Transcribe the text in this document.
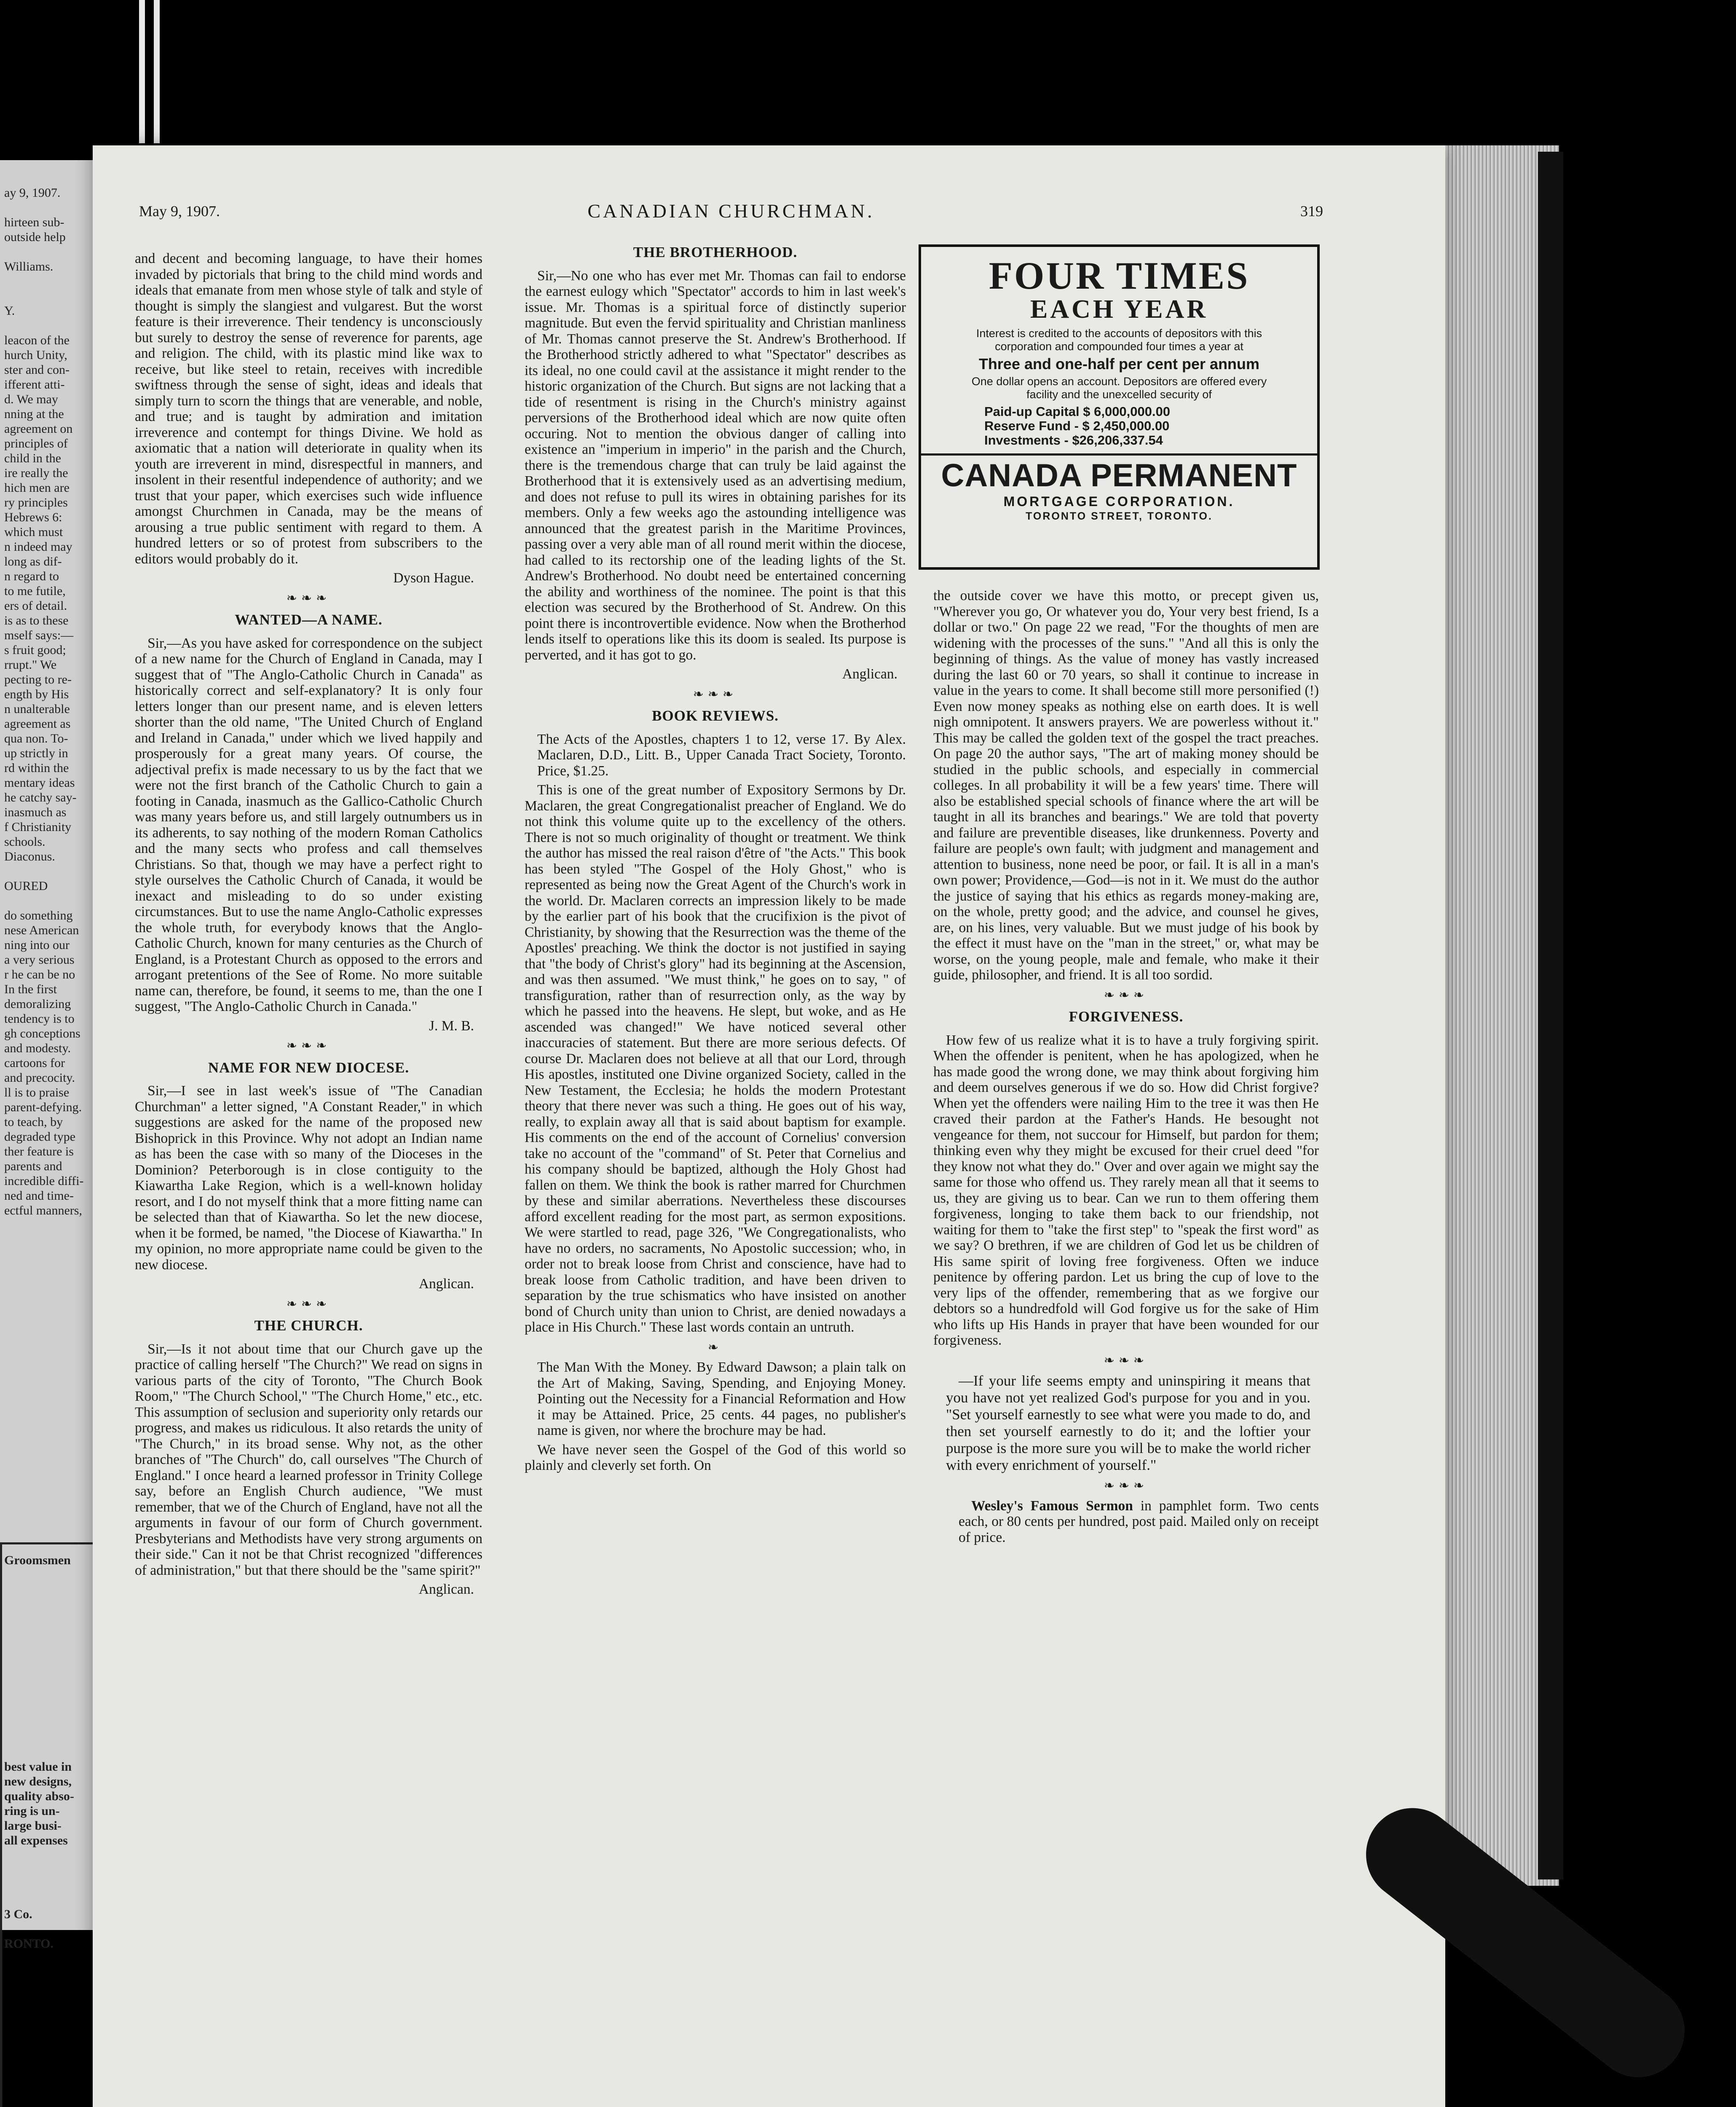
ay 9, 1907.

hirteen sub-
outside help

Williams.

Y.

leacon of the
hurch Unity,
ster and con-
ifferent atti-
d. We may
nning at the
agreement on
principles of
child in the
ire really the
hich men are
ry principles
Hebrews 6:
which must
n indeed may
long as dif-
n regard to
to me futile,
ers of detail.
is as to these
mself says:—
s fruit good;
rrupt." We
pecting to re-
ength by His
n unalterable
agreement as
qua non. To-
up strictly in
rd within the
mentary ideas
he catchy say-
inasmuch as
f Christianity
schools.
Diaconus.

OURED

do something
nese American
ning into our
a very serious
r he can be no
In the first
demoralizing
tendency is to
gh conceptions
and modesty.
cartoons for
and precocity.
ll is to praise
parent-defying.
to teach, by
degraded type
ther feature is
parents and
incredible diffi-
ned and time-
ectful manners,
Groomsmen

best value in
new designs,
quality abso-
ring is un-
large busi-
all expenses

3 Co.

RONTO.
May 9, 1907.	CANADIAN CHURCHMAN.	319

and decent and becoming language, to have their homes invaded by pictorials that bring to the child mind words and ideals that emanate from men whose style of talk and style of thought is simply the slangiest and vulgarest. But the worst feature is their irreverence. Their tendency is unconsciously but surely to destroy the sense of reverence for parents, age and religion. The child, with its plastic mind like wax to receive, but like steel to retain, receives with incredible swiftness through the sense of sight, ideas and ideals that simply turn to scorn the things that are venerable, and noble, and true; and is taught by admiration and imitation irreverence and contempt for things Divine. We hold as axiomatic that a nation will deteriorate in quality when its youth are irreverent in mind, disrespectful in manners, and insolent in their resentful independence of authority; and we trust that your paper, which exercises such wide influence amongst Churchmen in Canada, may be the means of arousing a true public sentiment with regard to them. A hundred letters or so of protest from subscribers to the editors would probably do it.

Dyson Hague.
❧❧❧
WANTED—A NAME.

Sir,—As you have asked for correspondence on the subject of a new name for the Church of England in Canada, may I suggest that of "The Anglo-Catholic Church in Canada" as historically correct and self-explanatory? It is only four letters longer than our present name, and is eleven letters shorter than the old name, "The United Church of England and Ireland in Canada," under which we lived happily and prosperously for a great many years. Of course, the adjectival prefix is made necessary to us by the fact that we were not the first branch of the Catholic Church to gain a footing in Canada, inasmuch as the Gallico-Catholic Church was many years before us, and still largely outnumbers us in its adherents, to say nothing of the modern Roman Catholics and the many sects who profess and call themselves Christians. So that, though we may have a perfect right to style ourselves the Catholic Church of Canada, it would be inexact and misleading to do so under existing circumstances. But to use the name Anglo-Catholic expresses the whole truth, for everybody knows that the Anglo-Catholic Church, known for many centuries as the Church of England, is a Protestant Church as opposed to the errors and arrogant pretentions of the See of Rome. No more suitable name can, therefore, be found, it seems to me, than the one I suggest, "The Anglo-Catholic Church in Canada."

J. M. B.
❧❧❧
NAME FOR NEW DIOCESE.

Sir,—I see in last week's issue of "The Canadian Churchman" a letter signed, "A Constant Reader," in which suggestions are asked for the name of the proposed new Bishoprick in this Province. Why not adopt an Indian name as has been the case with so many of the Dioceses in the Dominion? Peterborough is in close contiguity to the Kiawartha Lake Region, which is a well-known holiday resort, and I do not myself think that a more fitting name can be selected than that of Kiawartha. So let the new diocese, when it be formed, be named, "the Diocese of Kiawartha." In my opinion, no more appropriate name could be given to the new diocese.

Anglican.
❧❧❧
THE CHURCH.

Sir,—Is it not about time that our Church gave up the practice of calling herself "The Church?" We read on signs in various parts of the city of Toronto, "The Church Book Room," "The Church School," "The Church Home," etc., etc. This assumption of seclusion and superiority only retards our progress, and makes us ridiculous. It also retards the unity of "The Church," in its broad sense. Why not, as the other branches of "The Church" do, call ourselves "The Church of England." I once heard a learned professor in Trinity College say, before an English Church audience, "We must remember, that we of the Church of England, have not all the arguments in favour of our form of Church government. Presbyterians and Methodists have very strong arguments on their side." Can it not be that Christ recognized "differences of administration," but that there should be the "same spirit?"

Anglican.
THE BROTHERHOOD.

Sir,—No one who has ever met Mr. Thomas can fail to endorse the earnest eulogy which "Spectator" accords to him in last week's issue. Mr. Thomas is a spiritual force of distinctly superior magnitude. But even the fervid spirituality and Christian manliness of Mr. Thomas cannot preserve the St. Andrew's Brotherhood. If the Brotherhood strictly adhered to what "Spectator" describes as its ideal, no one could cavil at the assistance it might render to the historic organization of the Church. But signs are not lacking that a tide of resentment is rising in the Church's ministry against perversions of the Brotherhood ideal which are now quite often occuring. Not to mention the obvious danger of calling into existence an "imperium in imperio" in the parish and the Church, there is the tremendous charge that can truly be laid against the Brotherhood that it is extensively used as an advertising medium, and does not refuse to pull its wires in obtaining parishes for its members. Only a few weeks ago the astounding intelligence was announced that the greatest parish in the Maritime Provinces, passing over a very able man of all round merit within the diocese, had called to its rectorship one of the leading lights of the St. Andrew's Brotherhood. No doubt need be entertained concerning the ability and worthiness of the nominee. The point is that this election was secured by the Brotherhood of St. Andrew. On this point there is incontrovertible evidence. Now when the Brotherhod lends itself to operations like this its doom is sealed. Its purpose is perverted, and it has got to go.

Anglican.
❧❧❧
BOOK REVIEWS.

The Acts of the Apostles, chapters 1 to 12, verse 17. By Alex. Maclaren, D.D., Litt. B., Upper Canada Tract Society, Toronto. Price, $1.25.

This is one of the great number of Expository Sermons by Dr. Maclaren, the great Congregationalist preacher of England. We do not think this volume quite up to the excellency of the others. There is not so much originality of thought or treatment. We think the author has missed the real raison d'être of "the Acts." This book has been styled "The Gospel of the Holy Ghost," who is represented as being now the Great Agent of the Church's work in the world. Dr. Maclaren corrects an impression likely to be made by the earlier part of his book that the crucifixion is the pivot of Christianity, by showing that the Resurrection was the theme of the Apostles' preaching. We think the doctor is not justified in saying that "the body of Christ's glory" had its beginning at the Ascension, and was then assumed. "We must think," he goes on to say, " of transfiguration, rather than of resurrection only, as the way by which he passed into the heavens. He slept, but woke, and as He ascended was changed!" We have noticed several other inaccuracies of statement. But there are more serious defects. Of course Dr. Maclaren does not believe at all that our Lord, through His apostles, instituted one Divine organized Society, called in the New Testament, the Ecclesia; he holds the modern Protestant theory that there never was such a thing. He goes out of his way, really, to explain away all that is said about baptism for example. His comments on the end of the account of Cornelius' conversion take no account of the "command" of St. Peter that Cornelius and his company should be baptized, although the Holy Ghost had fallen on them. We think the book is rather marred for Churchmen by these and similar aberrations. Nevertheless these discourses afford excellent reading for the most part, as sermon expositions. We were startled to read, page 326, "We Congregationalists, who have no orders, no sacraments, No Apostolic succession; who, in order not to break loose from Christ and conscience, have had to break loose from Catholic tradition, and have been driven to separation by the true schismatics who have insisted on another bond of Church unity than union to Christ, are denied nowadays a place in His Church." These last words contain an untruth.

❧

The Man With the Money. By Edward Dawson; a plain talk on the Art of Making, Saving, Spending, and Enjoying Money. Pointing out the Necessity for a Financial Reformation and How it may be Attained. Price, 25 cents. 44 pages, no publisher's name is given, nor where the brochure may be had.

We have never seen the Gospel of the God of this world so plainly and cleverly set forth. On

FOUR TIMES
EACH YEAR
Interest is credited to the accounts of depositors with this corporation and compounded four times a year at
Three and one-half per cent per annum
One dollar opens an account. Depositors are offered every facility and the unexcelled security of
Paid-up Capital $ 6,000,000.00
Reserve Fund - $ 2,450,000.00
Investments - $26,206,337.54
CANADA PERMANENT
MORTGAGE CORPORATION.
TORONTO STREET, TORONTO.

the outside cover we have this motto, or precept given us, "Wherever you go, Or whatever you do, Your very best friend, Is a dollar or two." On page 22 we read, "For the thoughts of men are widening with the processes of the suns." "And all this is only the beginning of things. As the value of money has vastly increased during the last 60 or 70 years, so shall it continue to increase in value in the years to come. It shall become still more personified (!) Even now money speaks as nothing else on earth does. It is well nigh omnipotent. It answers prayers. We are powerless without it." This may be called the golden text of the gospel the tract preaches. On page 20 the author says, "The art of making money should be studied in the public schools, and especially in commercial colleges. In all probability it will be a few years' time. There will also be established special schools of finance where the art will be taught in all its branches and bearings." We are told that poverty and failure are preventible diseases, like drunkenness. Poverty and failure are people's own fault; with judgment and management and attention to business, none need be poor, or fail. It is all in a man's own power; Providence,—God—is not in it. We must do the author the justice of saying that his ethics as regards money-making are, on the whole, pretty good; and the advice, and counsel he gives, are, on his lines, very valuable. But we must judge of his book by the effect it must have on the "man in the street," or, what may be worse, on the young people, male and female, who make it their guide, philosopher, and friend. It is all too sordid.

❧❧❧
FORGIVENESS.

How few of us realize what it is to have a truly forgiving spirit. When the offender is penitent, when he has apologized, when he has made good the wrong done, we may think about forgiving him and deem ourselves generous if we do so. How did Christ forgive? When yet the offenders were nailing Him to the tree it was then He craved their pardon at the Father's Hands. He besought not vengeance for them, not succour for Himself, but pardon for them; thinking even why they might be excused for their cruel deed "for they know not what they do." Over and over again we might say the same for those who offend us. They rarely mean all that it seems to us, they are giving us to bear. Can we run to them offering them forgiveness, longing to take them back to our friendship, not waiting for them to "take the first step" to "speak the first word" as we say? O brethren, if we are children of God let us be children of His same spirit of loving free forgiveness. Often we induce penitence by offering pardon. Let us bring the cup of love to the very lips of the offender, remembering that as we forgive our debtors so a hundredfold will God forgive us for the sake of Him who lifts up His Hands in prayer that have been wounded for our forgiveness.

❧❧❧

—If your life seems empty and uninspiring it means that you have not yet realized God's purpose for you and in you. "Set yourself earnestly to see what were you made to do, and then set yourself earnestly to do it; and the loftier your purpose is the more sure you will be to make the world richer with every enrichment of yourself."

❧❧❧

Wesley's Famous Sermon in pamphlet form. Two cents each, or 80 cents per hundred, post paid. Mailed only on receipt of price.
